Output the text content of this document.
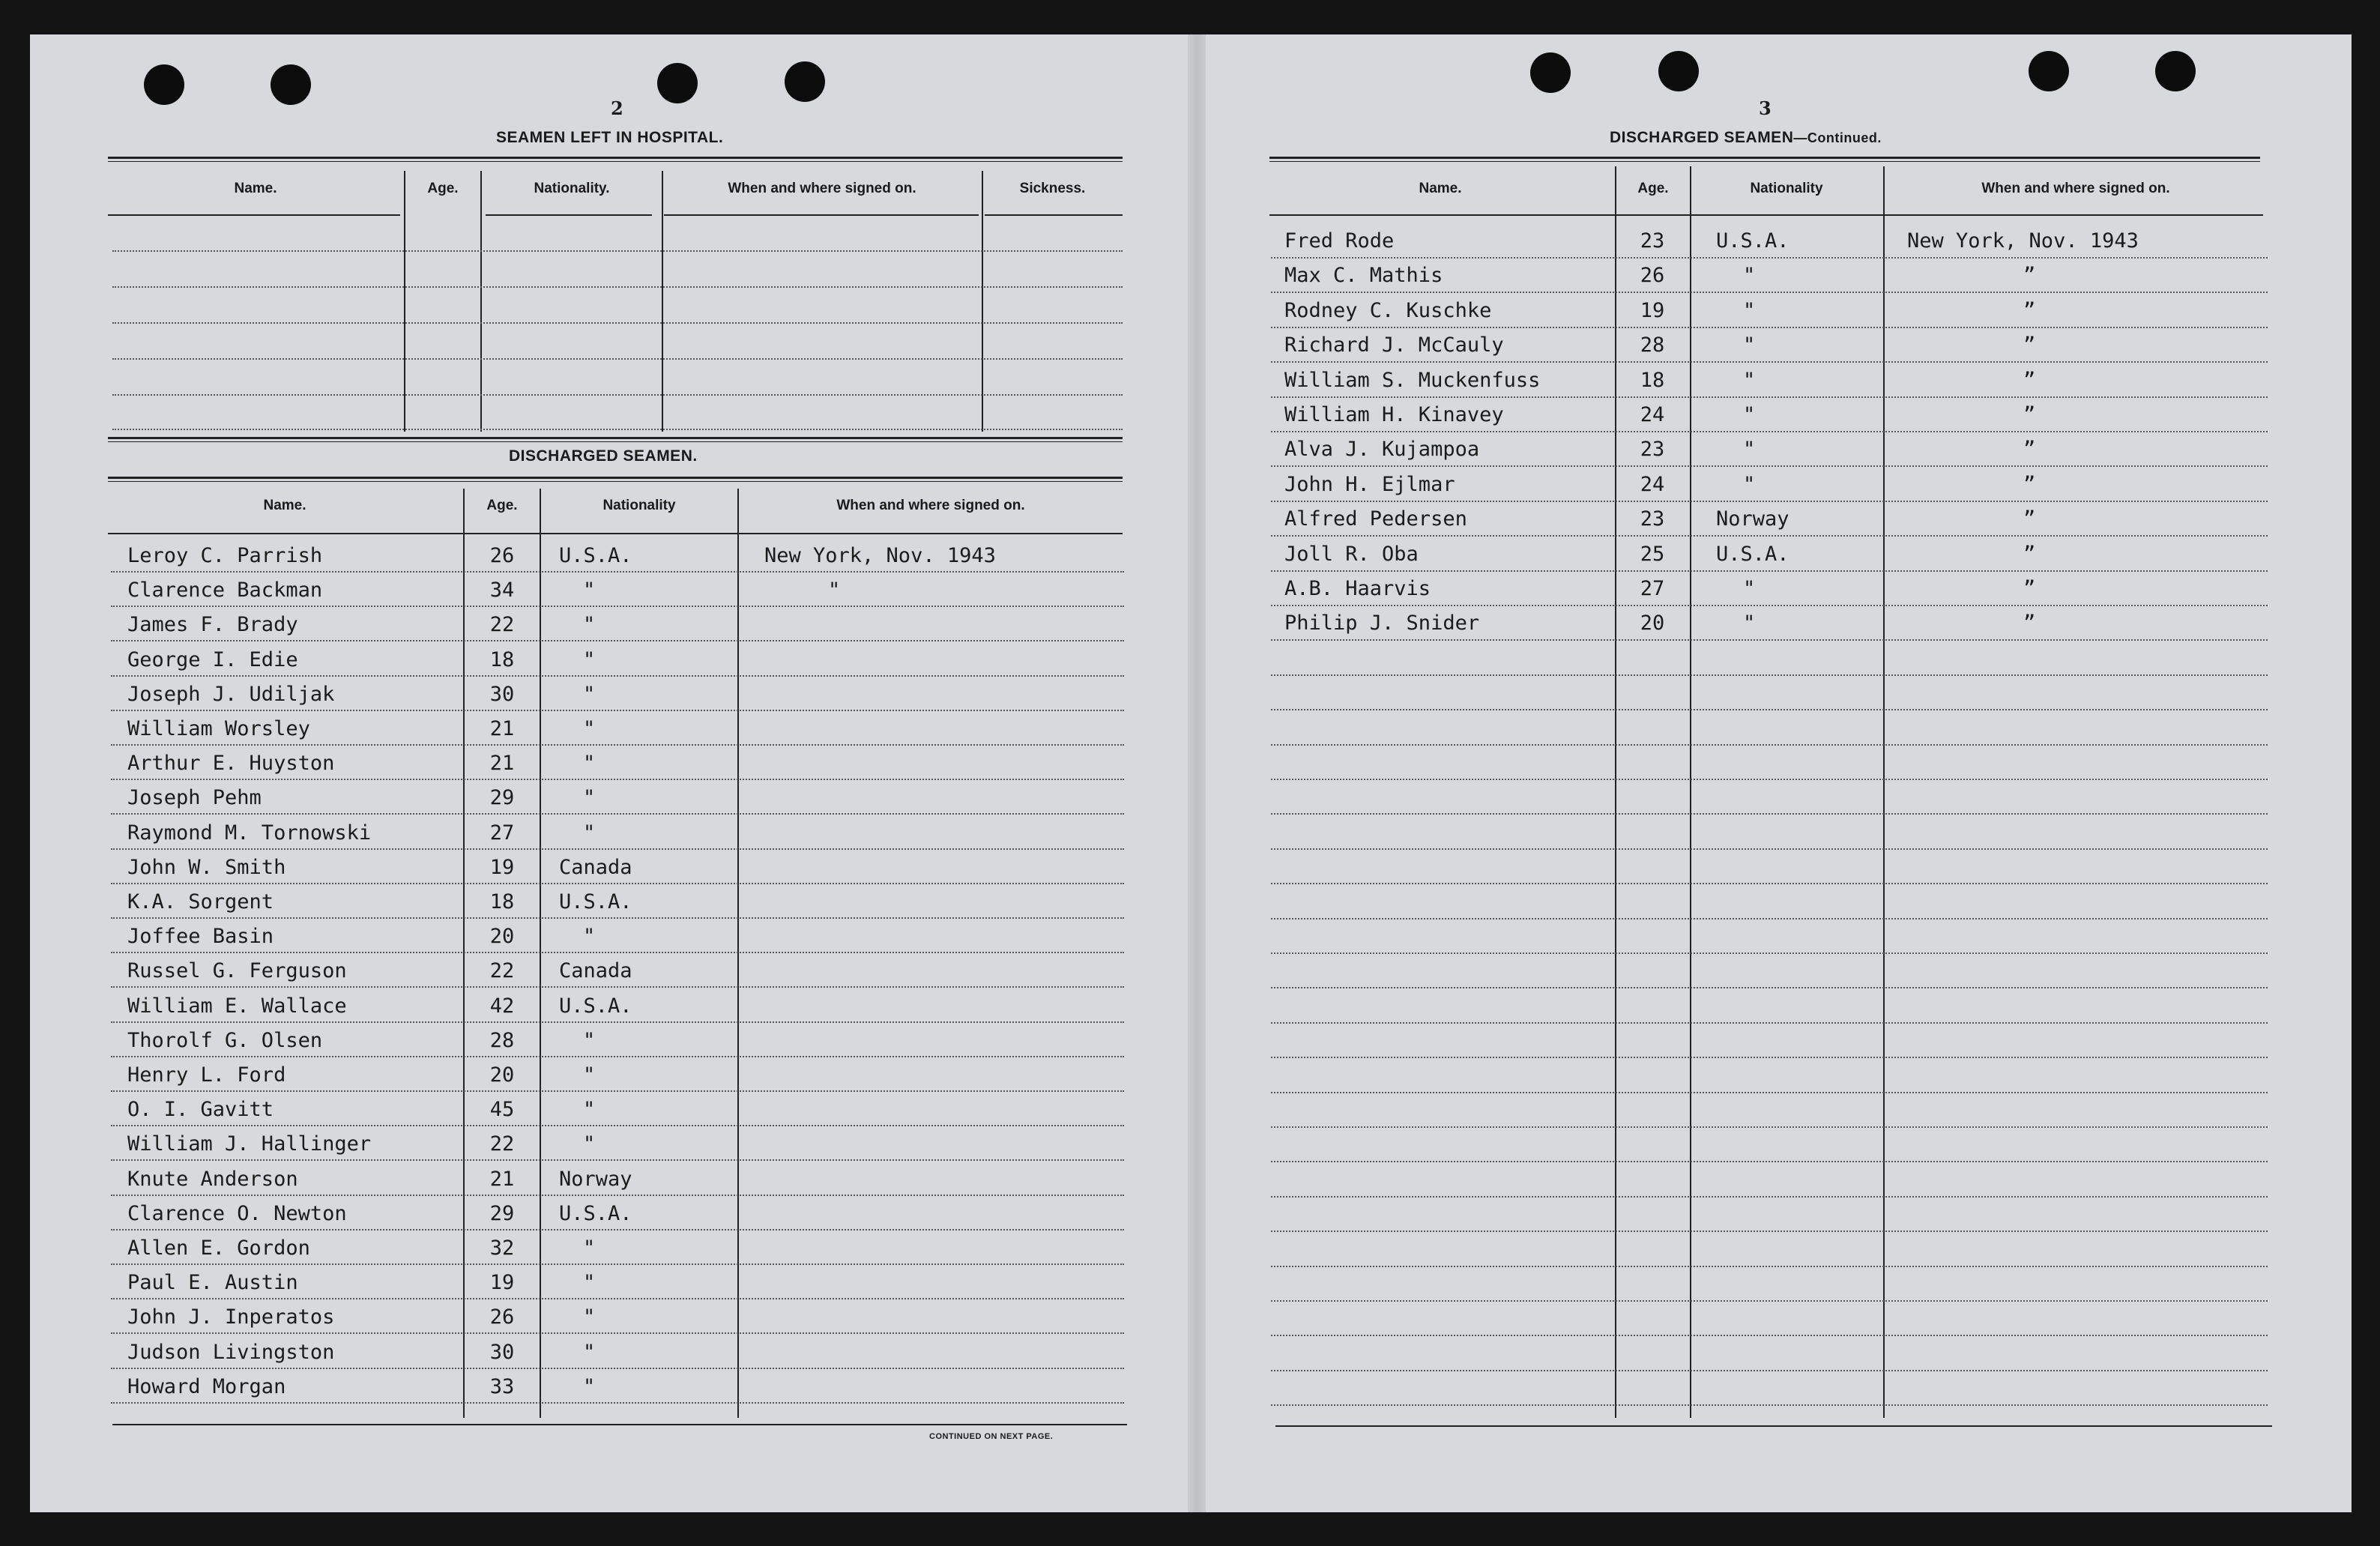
2
SEAMEN LEFT IN HOSPITAL.
Name.	Age.	Nationality.	When and where signed on.	Sickness.
DISCHARGED SEAMEN.
Name.	Age.	Nationality	When and where signed on.
Leroy C. Parrish	26	U.S.A.	New York, Nov. 1943
Clarence Backman	34	"	"
James F. Brady	22	"
George I. Edie	18	"
Joseph J. Udiljak	30	"
William Worsley	21	"
Arthur E. Huyston	21	"
Joseph Pehm	29	"
Raymond M. Tornowski	27	"
John W. Smith	19	Canada
K.A. Sorgent	18	U.S.A.
Joffee Basin	20	"
Russel G. Ferguson	22	Canada
William E. Wallace	42	U.S.A.
Thorolf G. Olsen	28	"
Henry L. Ford	20	"
O. I. Gavitt	45	"
William J. Hallinger	22	"
Knute Anderson	21	Norway
Clarence O. Newton	29	U.S.A.
Allen E. Gordon	32	"
Paul E. Austin	19	"
John J. Inperatos	26	"
Judson Livingston	30	"
Howard Morgan	33	"
CONTINUED ON NEXT PAGE.
3
DISCHARGED SEAMEN—Continued.
Name.	Age.	Nationality	When and where signed on.
Fred Rode	23	U.S.A.	New York, Nov. 1943
Max C. Mathis	26	"	”
Rodney C. Kuschke	19	"	”
Richard J. McCauly	28	"	”
William S. Muckenfuss	18	"	”
William H. Kinavey	24	"	”
Alva J. Kujampoa	23	"	”
John H. Ejlmar	24	"	”
Alfred Pedersen	23	Norway	”
Joll R. Oba	25	U.S.A.	”
A.B. Haarvis	27	"	”
Philip J. Snider	20	"	”
